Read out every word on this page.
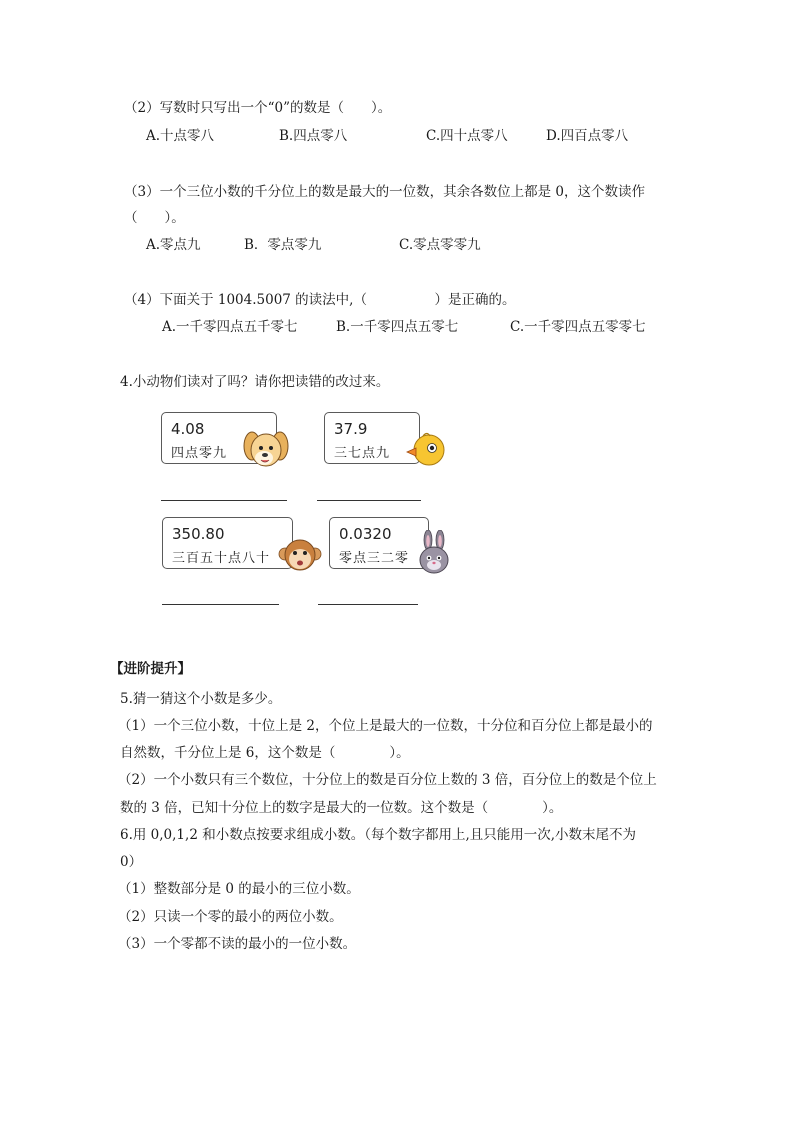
（2）写数时只写出一个“0”的数是（　　）。
A.十点零八	B.四点零八	C.四十点零八	D.四百点零八
（3）一个三位小数的千分位上的数是最大的一位数，其余各数位上都是 0，这个数读作
（　　）。
A.零点九	B．零点零九	C.零点零零九
（4）下面关于 1004.5007 的读法中,（　　　　　）是正确的。
A.一千零四点五千零七	B.一千零四点五零七	C.一千零四点五零零七
4.小动物们读对了吗？请你把读错的改过来。
4.08
四点零九
37.9
三七点九
350.80
三百五十点八十
0.0320
零点三二零
【进阶提升】
5.猜一猜这个小数是多少。
（1）一个三位小数，十位上是 2，个位上是最大的一位数，十分位和百分位上都是最小的
自然数，千分位上是 6，这个数是（　　　　）。
（2）一个小数只有三个数位，十分位上的数是百分位上数的 3 倍，百分位上的数是个位上
数的 3 倍，已知十分位上的数字是最大的一位数。这个数是（　　　　）。
6.用 0,0,1,2 和小数点按要求组成小数。（每个数字都用上,且只能用一次,小数末尾不为
0）
（1）整数部分是 0 的最小的三位小数。
（2）只读一个零的最小的两位小数。
（3）一个零都不读的最小的一位小数。
